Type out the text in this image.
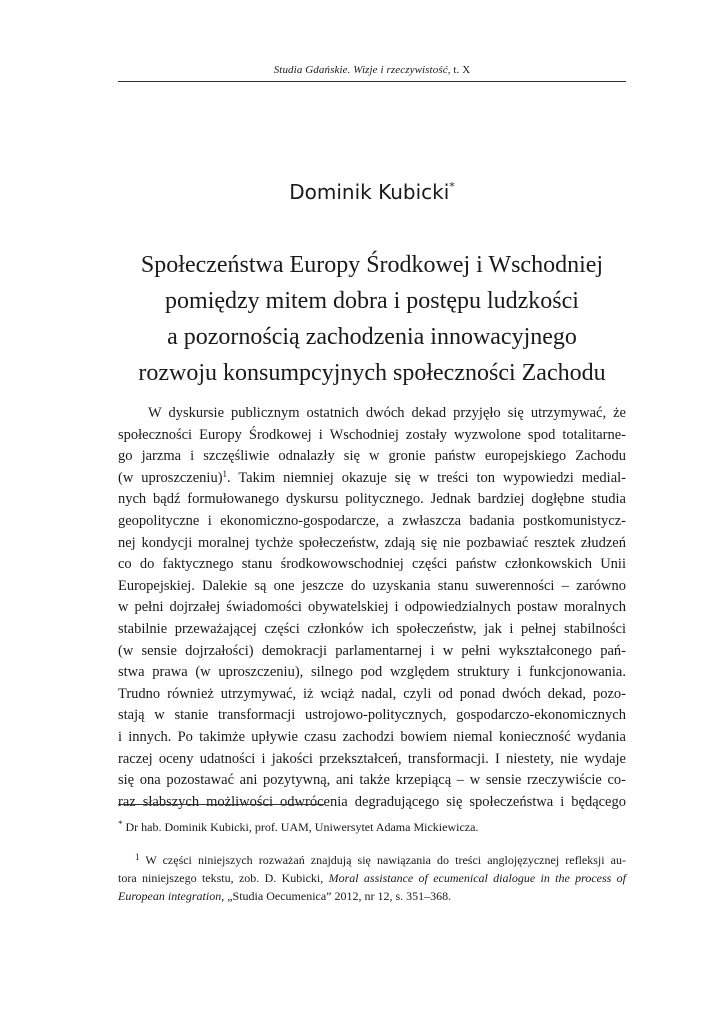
Studia Gdańskie. Wizje i rzeczywistość, t. X
Dominik Kubicki*
Społeczeństwa Europy Środkowej i Wschodniej
pomiędzy mitem dobra i postępu ludzkości
a pozornością zachodzenia innowacyjnego
rozwoju konsumpcyjnych społeczności Zachodu
W dyskursie publicznym ostatnich dwóch dekad przyjęło się utrzymywać, że
społeczności Europy Środkowej i Wschodniej zostały wyzwolone spod totalitarne-
go jarzma i szczęśliwie odnalazły się w gronie państw europejskiego Zachodu
(w uproszczeniu)$^1$. Takim niemniej okazuje się w treści ton wypowiedzi medial-
nych bądź formułowanego dyskursu politycznego. Jednak bardziej dogłębne studia
geopolityczne i ekonomiczno-gospodarcze, a zwłaszcza badania postkomunistycz-
nej kondycji moralnej tychże społeczeństw, zdają się nie pozbawiać resztek złudzeń
co do faktycznego stanu środkowowschodniej części państw członkowskich Unii
Europejskiej. Dalekie są one jeszcze do uzyskania stanu suwerenności – zarówno
w pełni dojrzałej świadomości obywatelskiej i odpowiedzialnych postaw moralnych
stabilnie przeważającej części członków ich społeczeństw, jak i pełnej stabilności
(w sensie dojrzałości) demokracji parlamentarnej i w pełni wykształconego pań-
stwa prawa (w uproszczeniu), silnego pod względem struktury i funkcjonowania.
Trudno również utrzymywać, iż wciąż nadal, czyli od ponad dwóch dekad, pozo-
stają w stanie transformacji ustrojowo-politycznych, gospodarczo-ekonomicznych
i innych. Po takimże upływie czasu zachodzi bowiem niemal konieczność wydania
raczej oceny udatności i jakości przekształceń, transformacji. I niestety, nie wydaje
się ona pozostawać ani pozytywną, ani także krzepiącą – w sensie rzeczywiście co-
raz słabszych możliwości odwrócenia degradującego się społeczeństwa i będącego
* Dr hab. Dominik Kubicki, prof. UAM, Uniwersytet Adama Mickiewicza.
$^1$ W części niniejszych rozważań znajdują się nawiązania do treści anglojęzycznej refleksji au-
tora niniejszego tekstu, zob. D. Kubicki, Moral assistance of ecumenical dialogue in the process of
European integration, „Studia Oecumenica” 2012, nr 12, s. 351–368.
